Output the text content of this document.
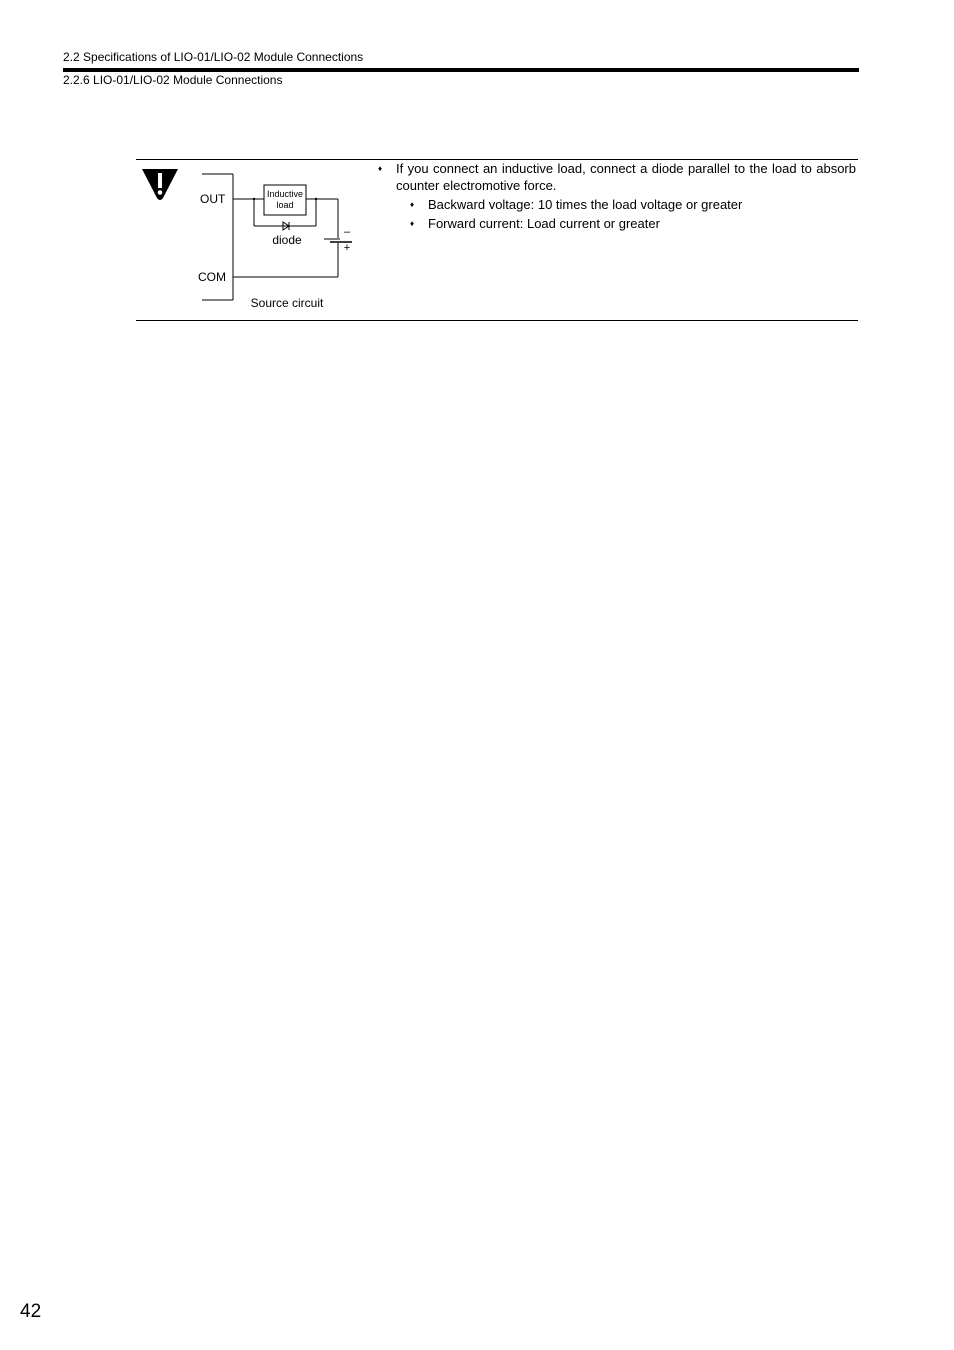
2.2 Specifications of LIO-01/LIO-02 Module Connections
2.2.6 LIO-01/LIO-02 Module Connections
OUT
COM
Inductive
load
diode
–
+
Source circuit
♦ If you connect an inductive load, connect a diode parallel to the load to absorb counter electromotive force.
♦ Backward voltage: 10 times the load voltage or greater
♦ Forward current: Load current or greater
42
